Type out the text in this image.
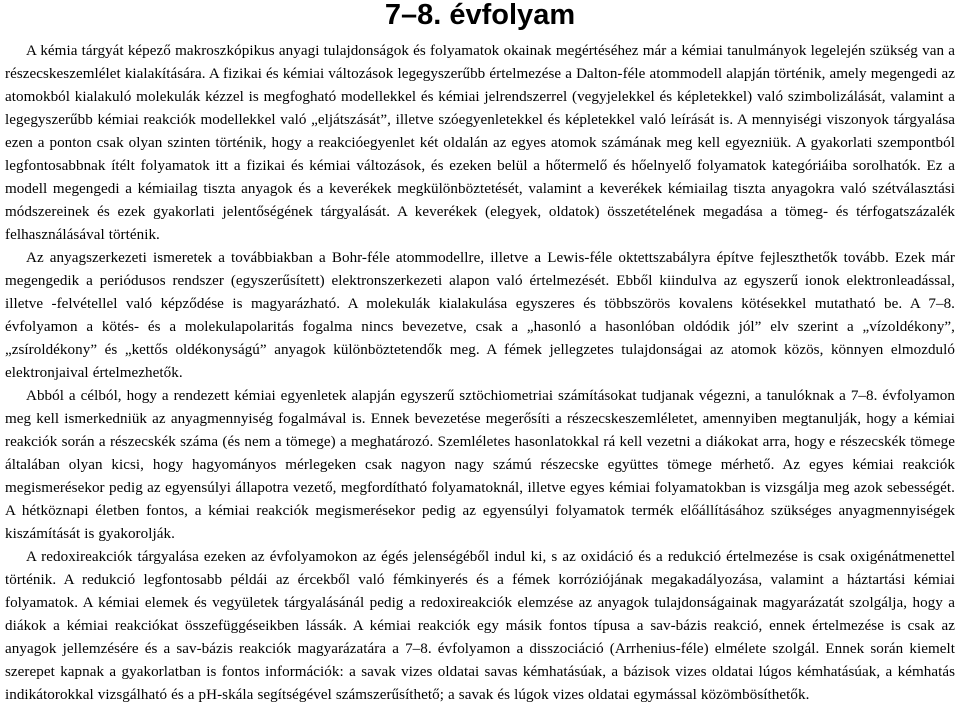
7–8. évfolyam

A kémia tárgyát képező makroszkópikus anyagi tulajdonságok és folyamatok okainak megértéséhez már a kémiai tanulmányok legelején szükség van a részecskeszemlélet kialakítására. A fizikai és kémiai változások legegyszerűbb értelmezése a Dalton-féle atommodell alapján történik, amely megengedi az atomokból kialakuló molekulák kézzel is megfogható modellekkel és kémiai jelrendszerrel (vegyjelekkel és képletekkel) való szimbolizálását, valamint a legegyszerűbb kémiai reakciók modellekkel való „eljátszását”, illetve szóegyenletekkel és képletekkel való leírását is. A mennyiségi viszonyok tárgyalása ezen a ponton csak olyan szinten történik, hogy a reakcióegyenlet két oldalán az egyes atomok számának meg kell egyezniük. A gyakorlati szempontból legfontosabbnak ítélt folyamatok itt a fizikai és kémiai változások, és ezeken belül a hőtermelő és hőelnyelő folyamatok kategóriáiba sorolhatók. Ez a modell megengedi a kémiailag tiszta anyagok és a keverékek megkülönböztetését, valamint a keverékek kémiailag tiszta anyagokra való szétválasztási módszereinek és ezek gyakorlati jelentőségének tárgyalását. A keverékek (elegyek, oldatok) összetételének megadása a tömeg- és térfogatszázalék felhasználásával történik.

Az anyagszerkezeti ismeretek a továbbiakban a Bohr-féle atommodellre, illetve a Lewis-féle oktettszabályra építve fejleszthetők tovább. Ezek már megengedik a periódusos rendszer (egyszerűsített) elektronszerkezeti alapon való értelmezését. Ebből kiindulva az egyszerű ionok elektronleadással, illetve -felvétellel való képződése is magyarázható. A molekulák kialakulása egyszeres és többszörös kovalens kötésekkel mutatható be. A 7–8. évfolyamon a kötés- és a molekulapolaritás fogalma nincs bevezetve, csak a „hasonló a hasonlóban oldódik jól” elv szerint a „vízoldékony”, „zsíroldékony” és „kettős oldékonyságú” anyagok különböztetendők meg. A fémek jellegzetes tulajdonságai az atomok közös, könnyen elmozduló elektronjaival értelmezhetők.

Abból a célból, hogy a rendezett kémiai egyenletek alapján egyszerű sztöchiometriai számításokat tudjanak végezni, a tanulóknak a 7–8. évfolyamon meg kell ismerkedniük az anyagmennyiség fogalmával is. Ennek bevezetése megerősíti a részecskeszemléletet, amennyiben megtanulják, hogy a kémiai reakciók során a részecskék száma (és nem a tömege) a meghatározó. Szemléletes hasonlatokkal rá kell vezetni a diákokat arra, hogy e részecskék tömege általában olyan kicsi, hogy hagyományos mérlegeken csak nagyon nagy számú részecske együttes tömege mérhető. Az egyes kémiai reakciók megismerésekor pedig az egyensúlyi állapotra vezető, megfordítható folyamatoknál, illetve egyes kémiai folyamatokban is vizsgálja meg azok sebességét. A hétköznapi életben fontos, a kémiai reakciók megismerésekor pedig az egyensúlyi folyamatok termék előállításához szükséges anyagmennyiségek kiszámítását is gyakorolják.

A redoxireakciók tárgyalása ezeken az évfolyamokon az égés jelenségéből indul ki, s az oxidáció és a redukció értelmezése is csak oxigénátmenettel történik. A redukció legfontosabb példái az ércekből való fémkinyerés és a fémek korróziójának megakadályozása, valamint a háztartási kémiai folyamatok. A kémiai elemek és vegyületek tárgyalásánál pedig a redoxireakciók elemzése az anyagok tulajdonságainak magyarázatát szolgálja, hogy a diákok a kémiai reakciókat összefüggéseikben lássák. A kémiai reakciók egy másik fontos típusa a sav-bázis reakció, ennek értelmezése is csak az anyagok jellemzésére és a sav-bázis reakciók magyarázatára a 7–8. évfolyamon a disszociáció (Arrhenius-féle) elmélete szolgál. Ennek során kiemelt szerepet kapnak a gyakorlatban is fontos információk: a savak vizes oldatai savas kémhatásúak, a bázisok vizes oldatai lúgos kémhatásúak, a kémhatás indikátorokkal vizsgálható és a pH-skála segítségével számszerűsíthető; a savak és lúgok vizes oldatai egymással közömbösíthetők.
